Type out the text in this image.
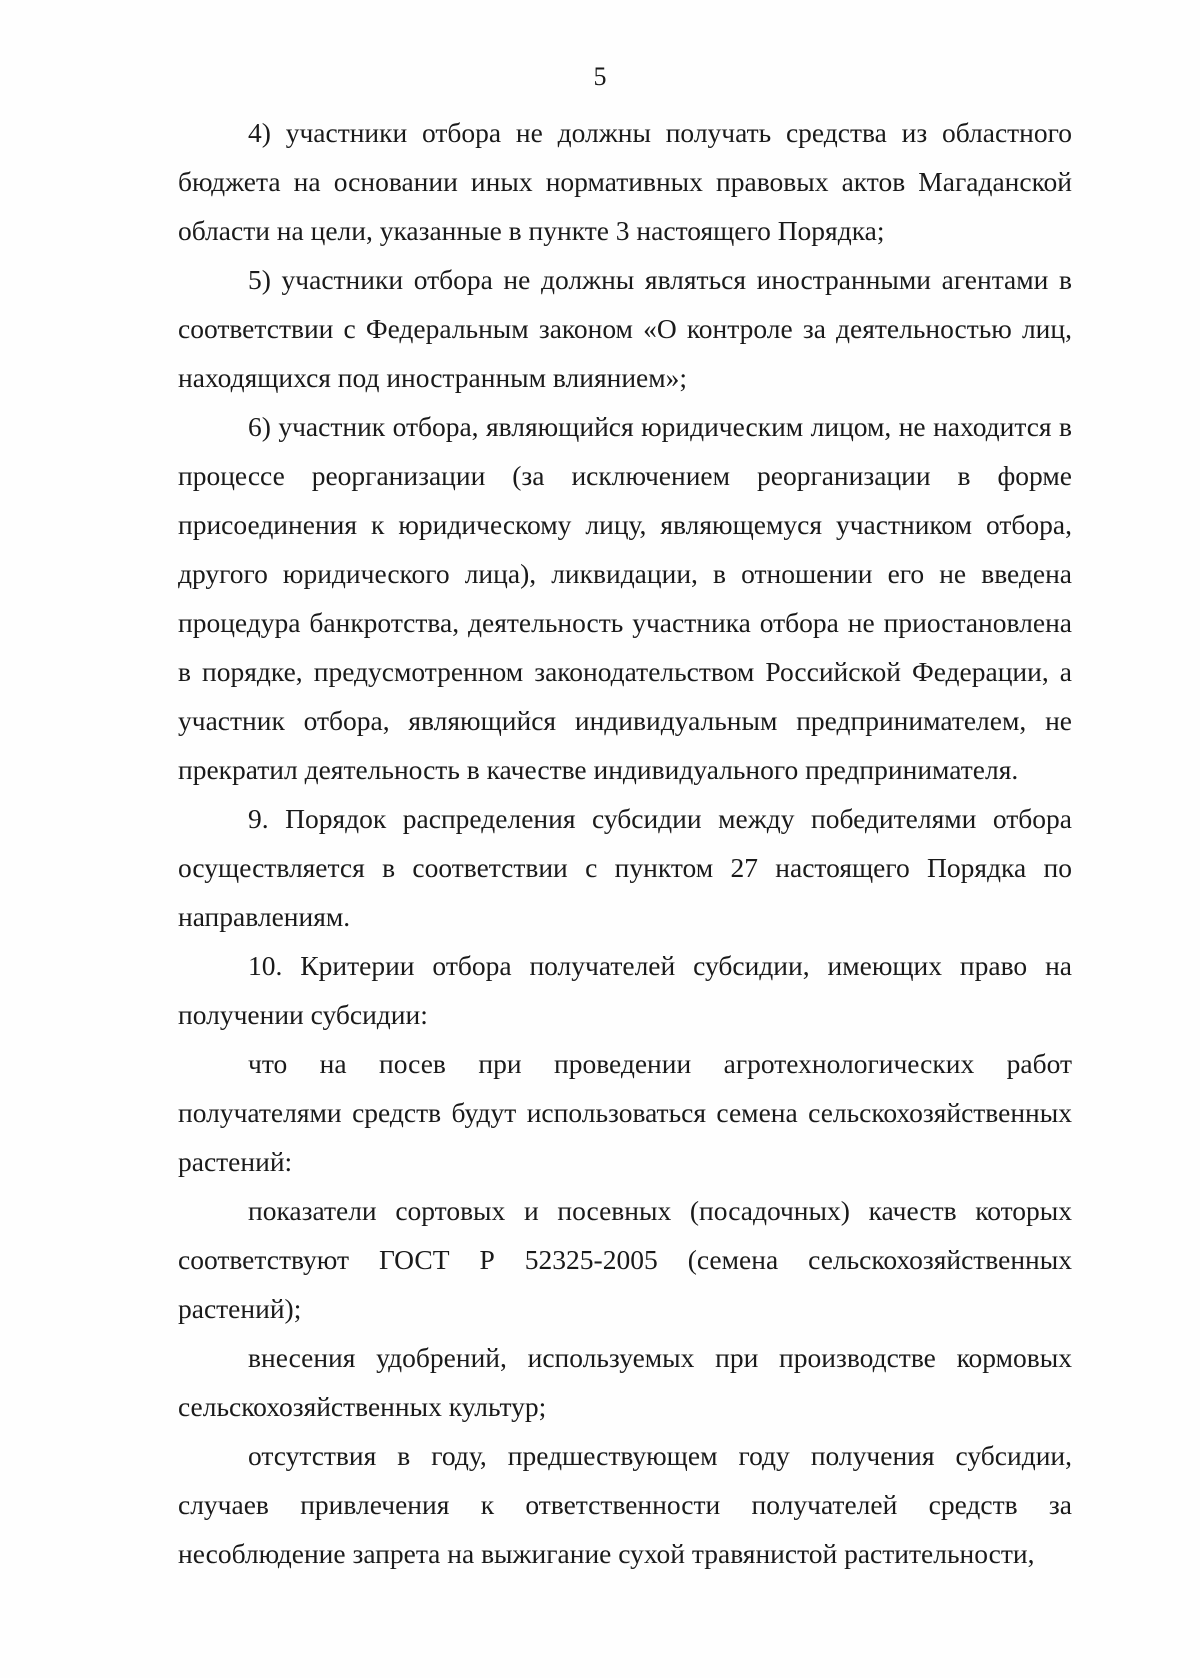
5

4) участники отбора не должны получать средства из областного бюджета на основании иных нормативных правовых актов Магаданской области на цели, указанные в пункте 3 настоящего Порядка;

5) участники отбора не должны являться иностранными агентами в соответствии с Федеральным законом «О контроле за деятельностью лиц, находящихся под иностранным влиянием»;

6) участник отбора, являющийся юридическим лицом, не находится в процессе реорганизации (за исключением реорганизации в форме присоединения к юридическому лицу, являющемуся участником отбора, другого юридического лица), ликвидации, в отношении его не введена процедура банкротства, деятельность участника отбора не приостановлена в порядке, предусмотренном законодательством Российской Федерации, а участник отбора, являющийся индивидуальным предпринимателем, не прекратил деятельность в качестве индивидуального предпринимателя.

9. Порядок распределения субсидии между победителями отбора осуществляется в соответствии с пунктом 27 настоящего Порядка по направлениям.

10. Критерии отбора получателей субсидии, имеющих право на получении субсидии:

что на посев при проведении агротехнологических работ получателями средств будут использоваться семена сельскохозяйственных растений:

показатели сортовых и посевных (посадочных) качеств которых соответствуют ГОСТ Р 52325-2005 (семена сельскохозяйственных растений);

внесения удобрений, используемых при производстве кормовых сельскохозяйственных культур;

отсутствия в году, предшествующем году получения субсидии, случаев привлечения к ответственности получателей средств за несоблюдение запрета на выжигание сухой травянистой растительности,
